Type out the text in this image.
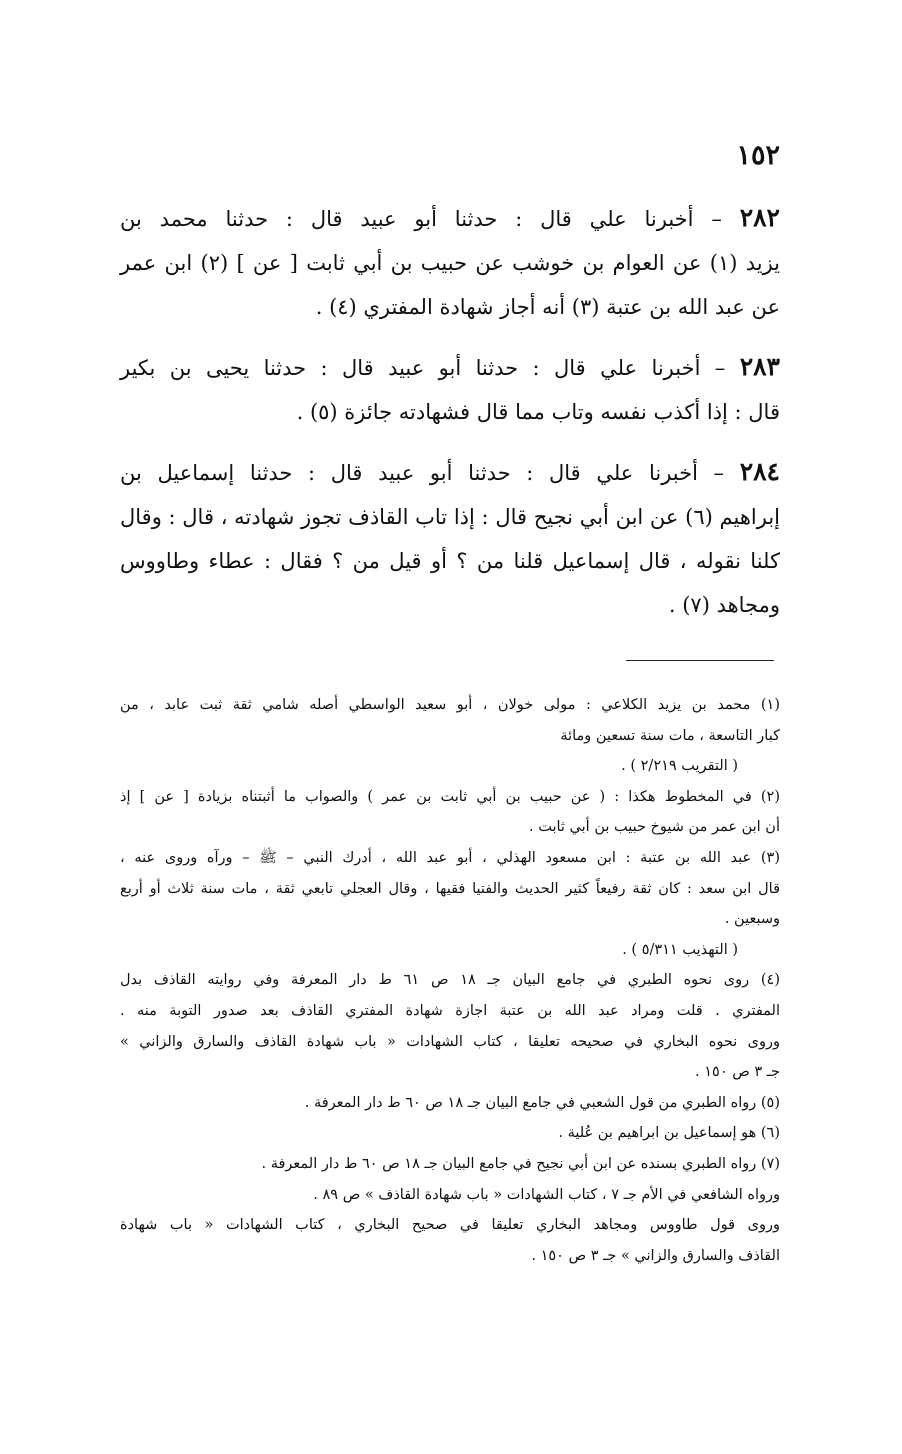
١٥٢
٢٨٢ – أخبرنا علي قال : حدثنا أبو عبيد قال : حدثنا محمد بن
يزيد (١) عن العوام بن خوشب عن حبيب بن أبي ثابت [ عن ] (٢) ابن عمر
عن عبد الله بن عتبة (٣) أنه أجاز شهادة المفتري (٤) .
٢٨٣ – أخبرنا علي قال : حدثنا أبو عبيد قال : حدثنا يحيى بن بكير
قال : إذا أكذب نفسه وتاب مما قال فشهادته جائزة (٥) .
٢٨٤ – أخبرنا علي قال : حدثنا أبو عبيد قال : حدثنا إسماعيل بن
إبراهيم (٦) عن ابن أبي نجيح قال : إذا تاب القاذف تجوز شهادته ، قال : وقال
كلنا نقوله ، قال إسماعيل قلنا من ؟ أو قيل من ؟ فقال : عطاء وطاووس
ومجاهد (٧) .
(١) محمد بن يزيد الكلاعي : مولى خولان ، أبو سعيد الواسطي أصله شامي ثقة ثبت عابد ، من
كبار التاسعة ، مات سنة تسعين ومائة
( التقريب ٢/٢١٩ ) .
(٢) في المخطوط هكذا : ( عن حبيب بن أبي ثابت بن عمر ) والصواب ما أثبتناه بزيادة [ عن ] إذ
أن ابن عمر من شيوخ حبيب بن أبي ثابت .
(٣) عبد الله بن عتبة : ابن مسعود الهذلي ، أبو عبد الله ، أدرك النبي – ﷺ – ورآه وروى عنه ،
قال ابن سعد : كان ثقة رفيعاً كثير الحديث والفتيا فقيها ، وقال العجلي تابعي ثقة ، مات سنة ثلاث أو أربع
وسبعين .
( التهذيب ٥/٣١١ ) .
(٤) روى نحوه الطبري في جامع البيان جـ ١٨ ص ٦١ ط دار المعرفة وفي روايته القاذف بدل
المفتري . قلت ومراد عبد الله بن عتبة اجازة شهادة المفتري القاذف بعد صدور التوبة منه .
وروى نحوه البخاري في صحيحه تعليقا ، كتاب الشهادات « باب شهادة القاذف والسارق والزاني »
جـ ٣ ص ١٥٠ .
(٥) رواه الطبري من قول الشعبي في جامع البيان جـ ١٨ ص ٦٠ ط دار المعرفة .
(٦) هو إسماعيل بن ابراهيم بن عُلية .
(٧) رواه الطبري بسنده عن ابن أبي نجيح في جامع البيان جـ ١٨ ص ٦٠ ط دار المعرفة .
ورواه الشافعي في الأم جـ ٧ ، كتاب الشهادات « باب شهادة القاذف » ص ٨٩ .
وروى قول طاووس ومجاهد البخاري تعليقا في صحيح البخاري ، كتاب الشهادات « باب شهادة
القاذف والسارق والزاني » جـ ٣ ص ١٥٠ .
